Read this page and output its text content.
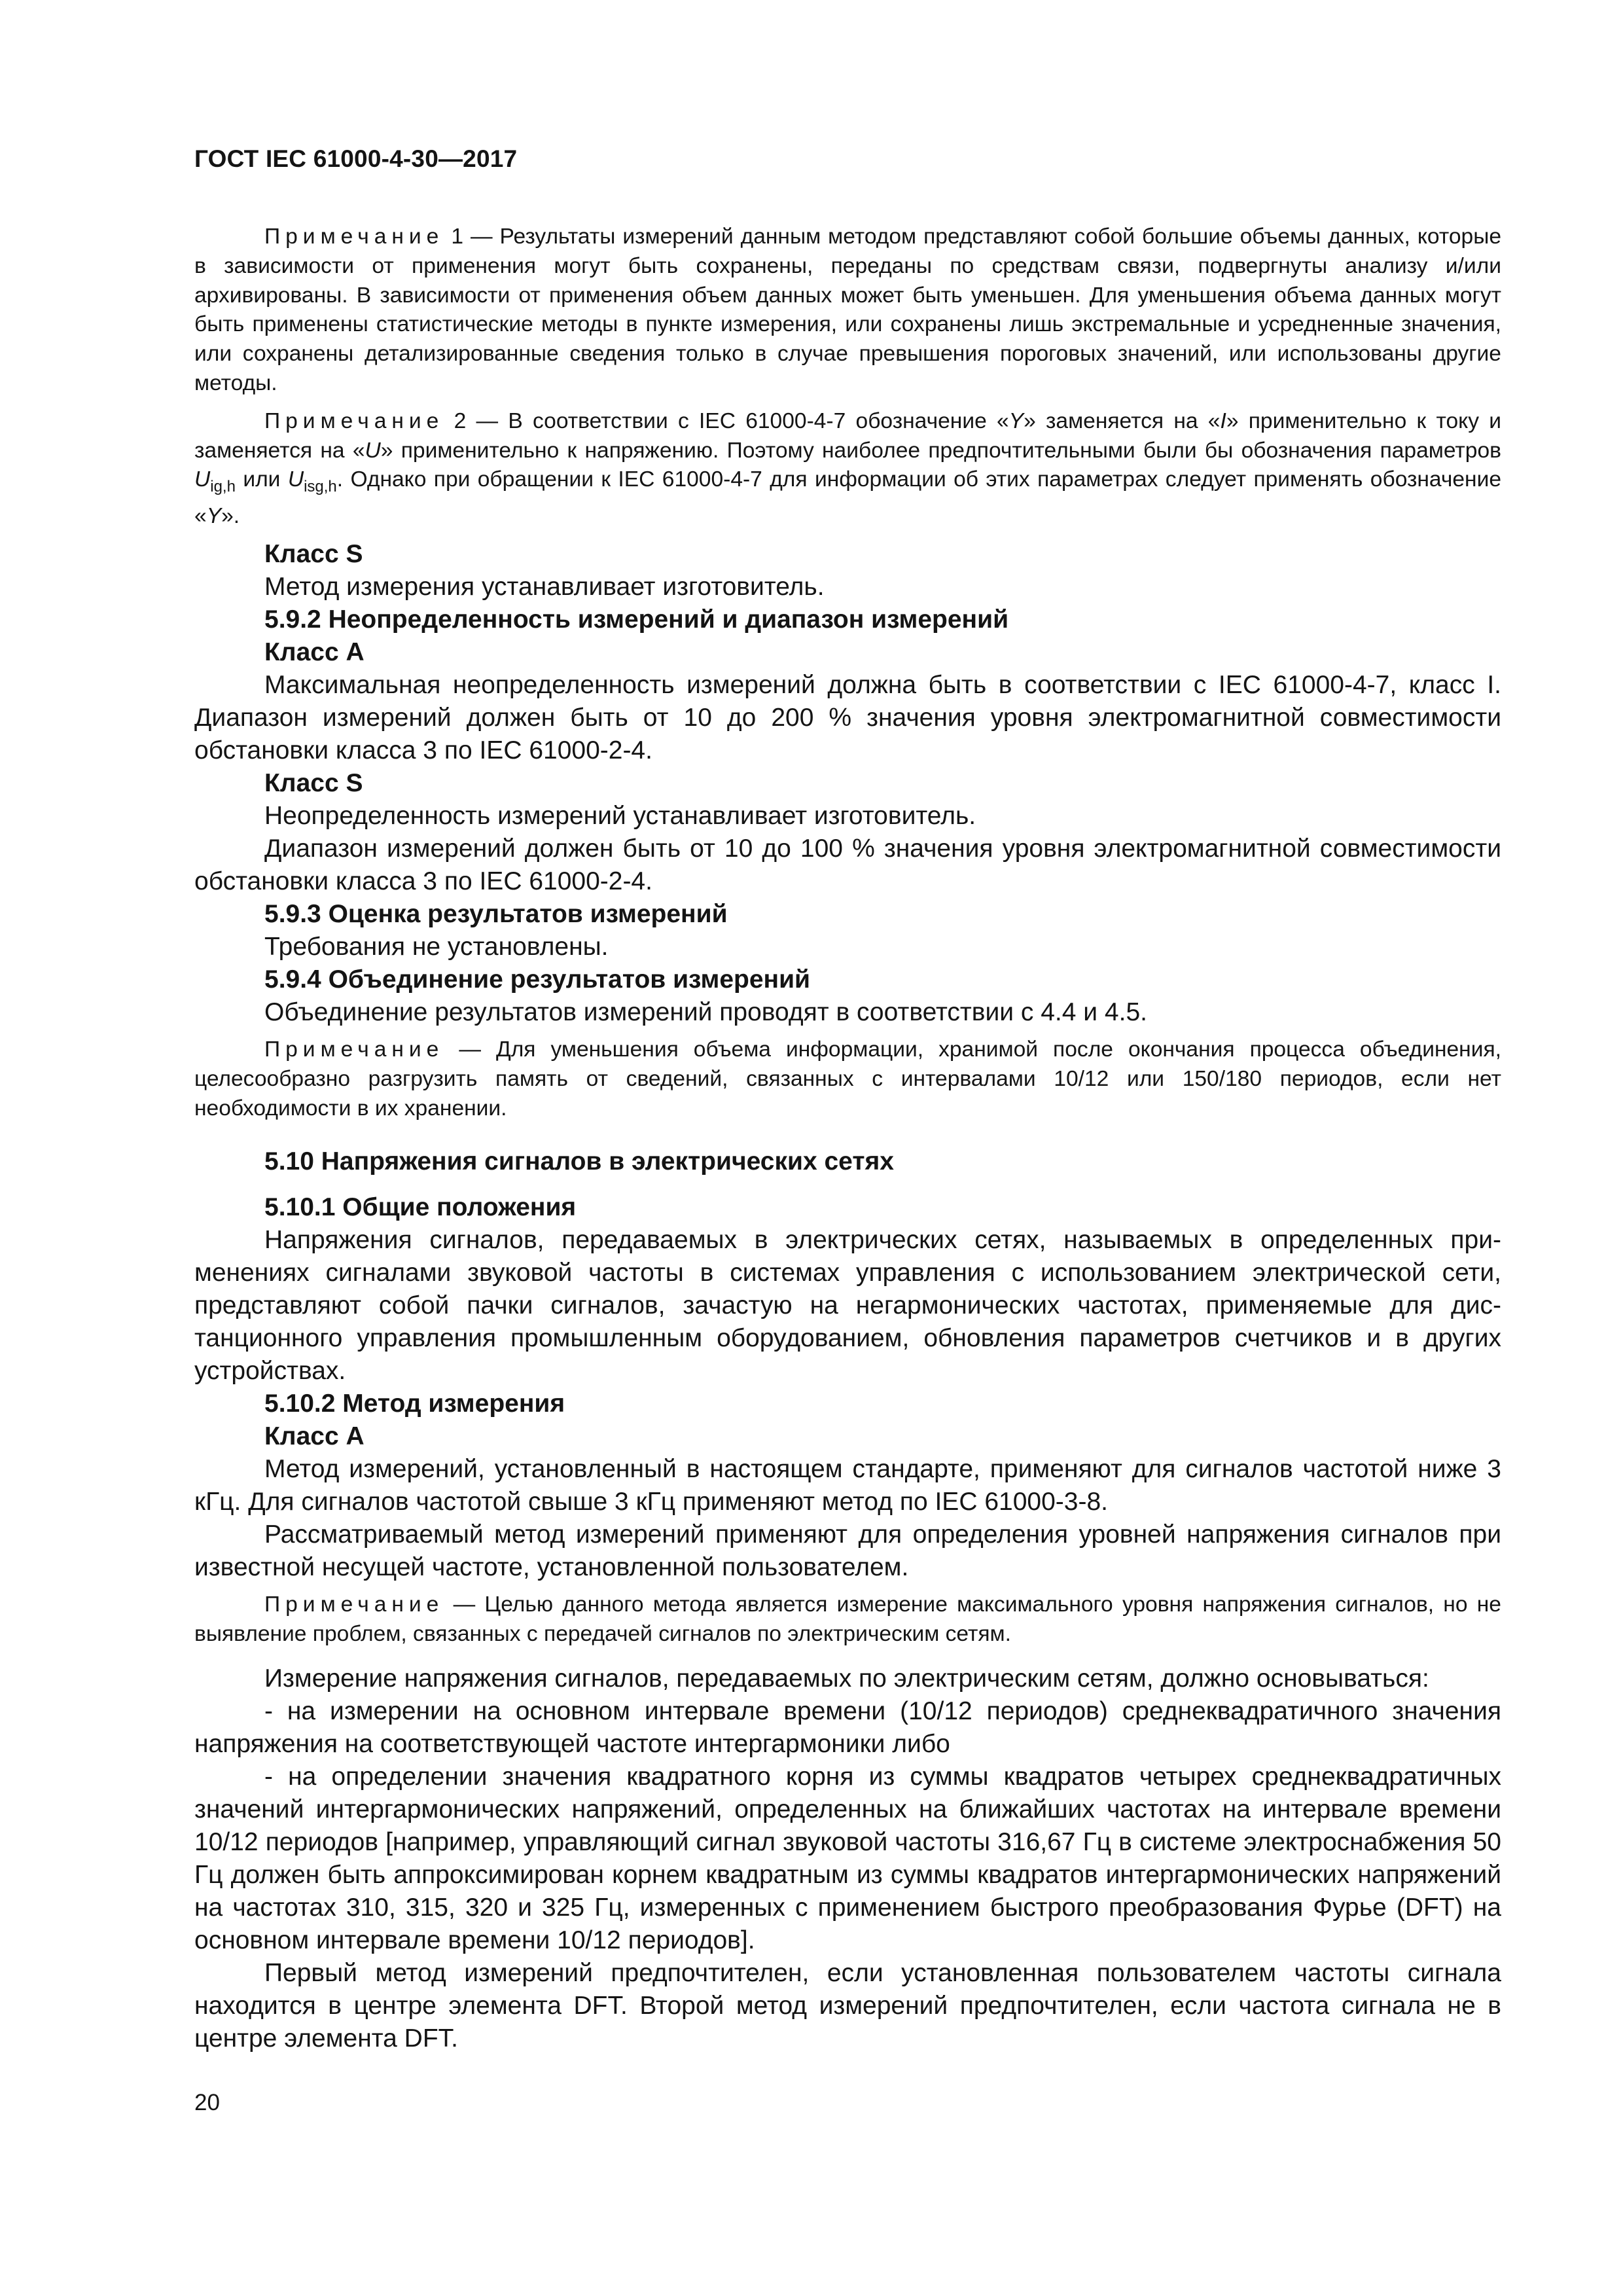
ГОСТ IEC 61000-4-30—2017

Примечание 1 — Результаты измерений данным методом представляют собой большие объемы данных, которые в зависимости от применения могут быть сохранены, переданы по средствам связи, подвергнуты анализу и/или архивированы. В зависимости от применения объем данных может быть уменьшен. Для уменьшения объема данных могут быть применены статистические методы в пункте измерения, или сохранены лишь экстремальные и усредненные значения, или сохранены детализированные сведения только в случае превышения пороговых значений, или использованы другие методы.

Примечание 2 — В соответствии с IEC 61000-4-7 обозначение «Y» заменяется на «I» применительно к току и заменяется на «U» применительно к напряжению. Поэтому наиболее предпочтительными были бы обозначения параметров $U_{ig,h}$ или $U_{isg,h}$. Однако при обращении к IEC 61000-4-7 для информации об этих параметрах следует применять обозначение «Y».

Класс S

Метод измерения устанавливает изготовитель.

5.9.2 Неопределенность измерений и диапазон измерений

Класс А

Максимальная неопределенность измерений должна быть в соответствии с IEC 61000-4-7, класс I. Диапазон измерений должен быть от 10 до 200 % значения уровня электромагнитной совместимости обстановки класса 3 по IEC 61000-2-4.

Класс S

Неопределенность измерений устанавливает изготовитель.

Диапазон измерений должен быть от 10 до 100 % значения уровня электромагнитной совместимости обстановки класса 3 по IEC 61000-2-4.

5.9.3 Оценка результатов измерений

Требования не установлены.

5.9.4 Объединение результатов измерений

Объединение результатов измерений проводят в соответствии с 4.4 и 4.5.

Примечание — Для уменьшения объема информации, хранимой после окончания процесса объединения, целесообразно разгрузить память от сведений, связанных с интервалами 10/12 или 150/180 периодов, если нет необходимости в их хранении.

5.10 Напряжения сигналов в электрических сетях

5.10.1 Общие положения

Напряжения сигналов, передаваемых в электрических сетях, называемых в определенных применениях сигналами звуковой частоты в системах управления с использованием электрической сети, представляют собой пачки сигналов, зачастую на негармонических частотах, применяемые для дистанционного управления промышленным оборудованием, обновления параметров счетчиков и в других устройствах.

5.10.2 Метод измерения

Класс А

Метод измерений, установленный в настоящем стандарте, применяют для сигналов частотой ниже 3 кГц. Для сигналов частотой свыше 3 кГц применяют метод по IEC 61000-3-8.

Рассматриваемый метод измерений применяют для определения уровней напряжения сигналов при известной несущей частоте, установленной пользователем.

Примечание — Целью данного метода является измерение максимального уровня напряжения сигналов, но не выявление проблем, связанных с передачей сигналов по электрическим сетям.

Измерение напряжения сигналов, передаваемых по электрическим сетям, должно основываться:

- на измерении на основном интервале времени (10/12 периодов) среднеквадратичного значения напряжения на соответствующей частоте интергармоники либо

- на определении значения квадратного корня из суммы квадратов четырех среднеквадратичных значений интергармонических напряжений, определенных на ближайших частотах на интервале времени 10/12 периодов [например, управляющий сигнал звуковой частоты 316,67 Гц в системе электроснабжения 50 Гц должен быть аппроксимирован корнем квадратным из суммы квадратов интергармонических напряжений на частотах 310, 315, 320 и 325 Гц, измеренных с применением быстрого преобразования Фурье (DFT) на основном интервале времени 10/12 периодов].

Первый метод измерений предпочтителен, если установленная пользователем частоты сигнала находится в центре элемента DFT. Второй метод измерений предпочтителен, если частота сигнала не в центре элемента DFT.

20
